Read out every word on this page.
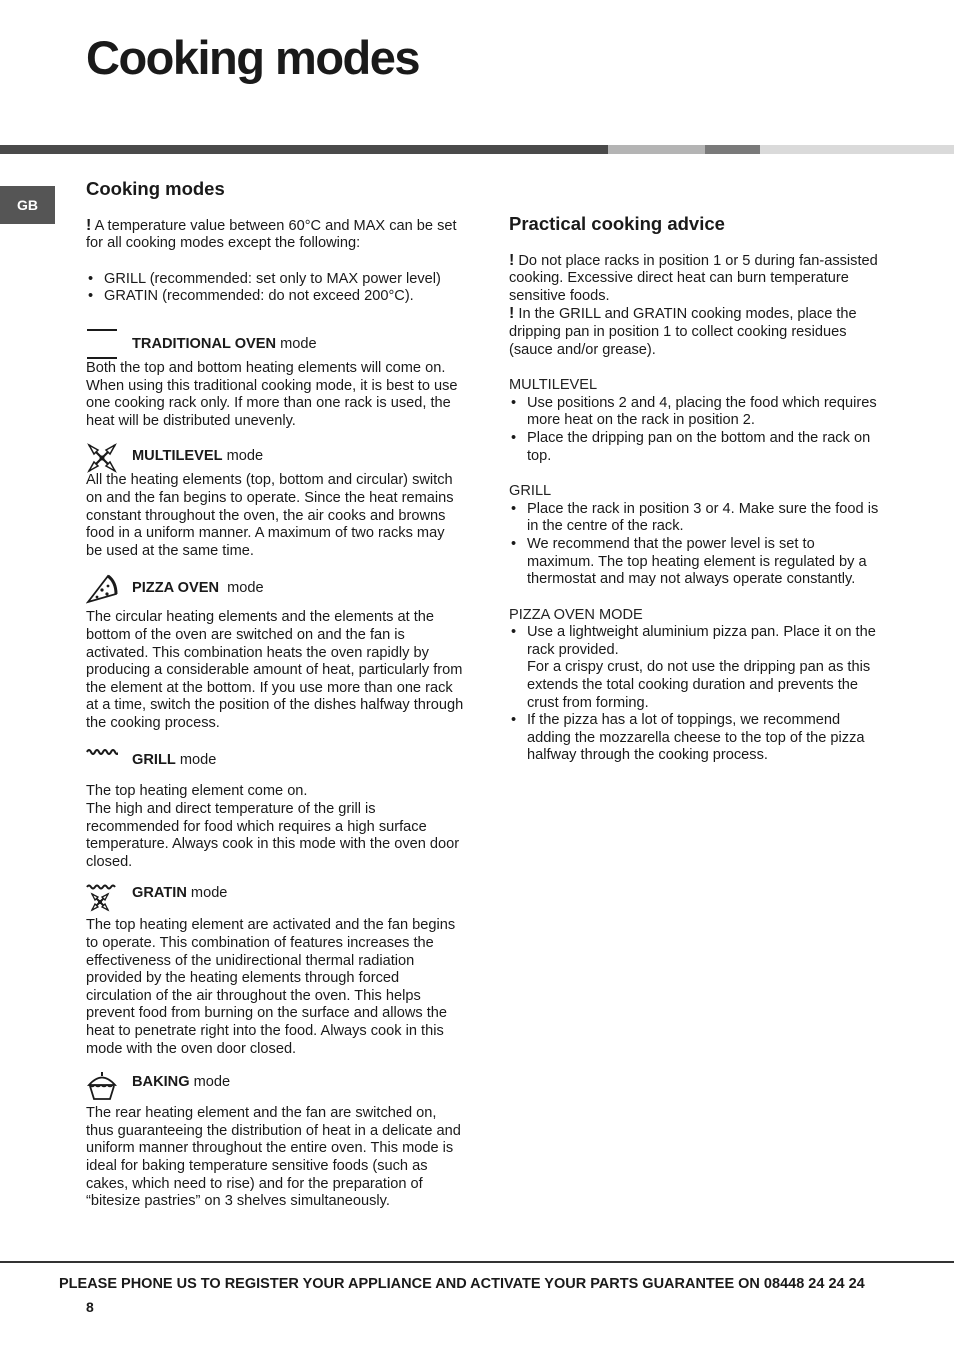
Cooking modes
GB

Cooking modes

! A temperature value between 60°C and MAX can be set for all cooking modes except the following:

• GRILL (recommended: set only to MAX power level)
• GRATIN (recommended: do not exceed 200°C).
TRADITIONAL OVEN mode

Both the top and bottom heating elements will come on. When using this traditional cooking mode, it is best to use one cooking rack only. If more than one rack is used, the heat will be distributed unevenly.

MULTILEVEL mode

All the heating elements (top, bottom and circular) switch on and the fan begins to operate. Since the heat remains constant throughout the oven, the air cooks and browns food in a uniform manner. A maximum of two racks may be used at the same time.

PIZZA OVEN mode

The circular heating elements and the elements at the bottom of the oven are switched on and the fan is activated. This combination heats the oven rapidly by producing a considerable amount of heat, particularly from the element at the bottom. If you use more than one rack at a time, switch the position of the dishes halfway through the cooking process.

GRILL mode

The top heating element come on.

The high and direct temperature of the grill is recommended for food which requires a high surface temperature. Always cook in this mode with the oven door closed.

GRATIN mode

The top heating element are activated and the fan begins to operate. This combination of features increases the effectiveness of the unidirectional thermal radiation provided by the heating elements through forced circulation of the air throughout the oven. This helps prevent food from burning on the surface and allows the heat to penetrate right into the food. Always cook in this mode with the oven door closed.

BAKING mode

The rear heating element and the fan are switched on, thus guaranteeing the distribution of heat in a delicate and uniform manner throughout the entire oven. This mode is ideal for baking temperature sensitive foods (such as cakes, which need to rise) and for the preparation of “bitesize pastries” on 3 shelves simultaneously.

Practical cooking advice

! Do not place racks in position 1 or 5 during fan-assisted cooking. Excessive direct heat can burn temperature sensitive foods.

! In the GRILL and GRATIN cooking modes, place the dripping pan in position 1 to collect cooking residues (sauce and/or grease).

MULTILEVEL

• Use positions 2 and 4, placing the food which requires more heat on the rack in position 2.
• Place the dripping pan on the bottom and the rack on top.

GRILL

• Place the rack in position 3 or 4. Make sure the food is in the centre of the rack.
• We recommend that the power level is set to maximum. The top heating element is regulated by a thermostat and may not always operate constantly.

PIZZA OVEN MODE

• Use a lightweight aluminium pizza pan. Place it on the rack provided.

For a crispy crust, do not use the dripping pan as this extends the total cooking duration and prevents the crust from forming.

• If the pizza has a lot of toppings, we recommend adding the mozzarella cheese to the top of the pizza halfway through the cooking process.
PLEASE PHONE US TO REGISTER YOUR APPLIANCE AND ACTIVATE YOUR PARTS GUARANTEE ON 08448 24 24 24
8
